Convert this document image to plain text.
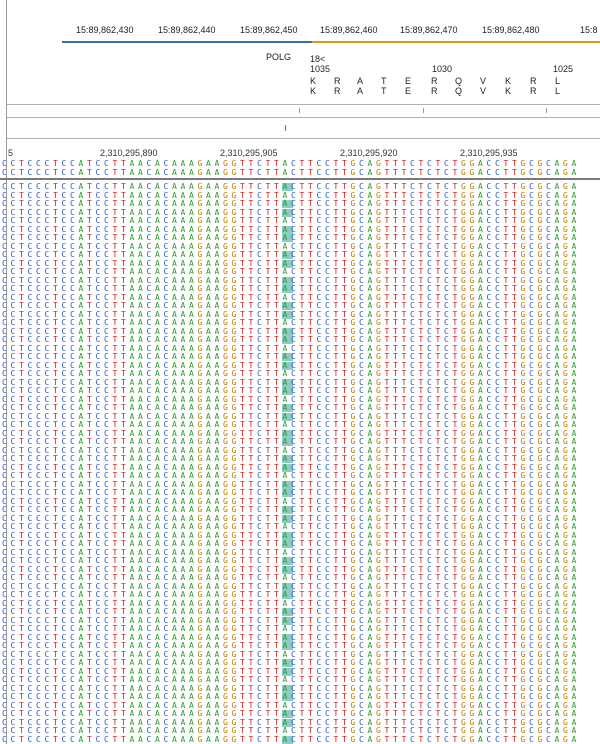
15:89,862,430	15:89,862,440	15:89,862,450 15:89,862,460 15:89,862,470	15:89,862,480	15:8
POLG 18<
1035	1030	1025
K R A T E R Q V K R L
K R A T E R Q V K R L
5	2,310,295,890	2,310,295,905	2,310,295,920	2,310,295,935
C C T C C C T C C A T C C T T A A C A C A A A G A A G G T T C T T A C T T C C T T G C A G T T T C T C T C T G G A C C T T G C G C A G A
C C T C C C T C C A T C C T T A A C A C A A A G A A G G T T C T T A C T T C C T T G C A G T T T C T C T C T G G A C C T T G C G C A G A
C C T C C C T C C A T C C T T A A C A C A A A G A A G G T T C T T A C T T C C T T G C A G T T T C T C T C T G G A C C T T G C G C A G A
C C T C C C T C C A T C C T T A A C A C A A A G A A G G T T C T T A C T T C C T T G C A G T T T C T C T C T G G A C C T T G C G C A G A
C C T C C C T C C A T C C T T A A C A C A A A G A A G G T T C T T A C T T C C T T G C A G T T T C T C T C T G G A C C T T G C G C A G A
C C T C C C T C C A T C C T T A A C A C A A A G A A G G T T C T T A C T T C C T T G C A G T T T C T C T C T G G A C C T T G C G C A G A
C C T C C C T C C A T C C T T A A C A C A A A G A A G G T T C T T A C T T C C T T G C A G T T T C T C T C T G G A C C T T G C G C A G A
C C T C C C T C C A T C C T T A A C A C A A A G A A G G T T C T T A C T T C C T T G C A G T T T C T C T C T G G A C C T T G C G C A G A
C C T C C C T C C A T C C T T A A C A C A A A G A A G G T T C T T A C T T C C T T G C A G T T T C T C T C T G G A C C T T G C G C A G A
C C T C C C T C C A T C C T T A A C A C A A A G A A G G T T C T T A C T T C C T T G C A G T T T C T C T C T G G A C C T T G C G C A G A
C C T C C C T C C A T C C T T A A C A C A A A G A A G G T T C T T A C T T C C T T G C A G T T T C T C T C T G G A C C T T G C G C A G A
C C T C C C T C C A T C C T T A A C A C A A A G A A G G T T C T T A C T T C C T T G C A G T T T C T C T C T G G A C C T T G C G C A G A
C C T C C C T C C A T C C T T A A C A C A A A G A A G G T T C T T A C T T C C T T G C A G T T T C T C T C T G G A C C T T G C G C A G A
C C T C C C T C C A T C C T T A A C A C A A A G A A G G T T C T T A C T T C C T T G C A G T T T C T C T C T G G A C C T T G C G C A G A
C C T C C C T C C A T C C T T A A C A C A A A G A A G G T T C T T A C T T C C T T G C A G T T T C T C T C T G G A C C T T G C G C A G A
C C T C C C T C C A T C C T T A A C A C A A A G A A G G T T C T T A C T T C C T T G C A G T T T C T C T C T G G A C C T T G C G C A G A
C C T C C C T C C A T C C T T A A C A C A A A G A A G G T T C T T A C T T C C T T G C A G T T T C T C T C T G G A C C T T G C G C A G A
C C T C C C T C C A T C C T T A A C A C A A A G A A G G T T C T T A C T T C C T T G C A G T T T C T C T C T G G A C C T T G C G C A G A
C C T C C C T C C A T C C T T A A C A C A A A G A A G G T T C T T A C T T C C T T G C A G T T T C T C T C T G G A C C T T G C G C A G A
C C T C C C T C C A T C C T T A A C A C A A A G A A G G T T C T T A C T T C C T T G C A G T T T C T C T C T G G A C C T T G C G C A G A
C C T C C C T C C A T C C T T A A C A C A A A G A A G G T T C T T A C T T C C T T G C A G T T T C T C T C T G G A C C T T G C G C A G A
C C T C C C T C C A T C C T T A A C A C A A A G A A G G T T C T T A C T T C C T T G C A G T T T C T C T C T G G A C C T T G C G C A G A
C C T C C C T C C A T C C T T A A C A C A A A G A A G G T T C T T A C T T C C T T G C A G T T T C T C T C T G G A C C T T G C G C A G A
C C T C C C T C C A T C C T T A A C A C A A A G A A G G T T C T T A C T T C C T T G C A G T T T C T C T C T G G A C C T T G C G C A G A
C C T C C C T C C A T C C T T A A C A C A A A G A A G G T T C T T A C T T C C T T G C A G T T T C T C T C T G G A C C T T G C G C A G A
C C T C C C T C C A T C C T T A A C A C A A A G A A G G T T C T T A C T T C C T T G C A G T T T C T C T C T G G A C C T T G C G C A G A
C C T C C C T C C A T C C T T A A C A C A A A G A A G G T T C T T A C T T C C T T G C A G T T T C T C T C T G G A C C T T G C G C A G A
C C T C C C T C C A T C C T T A A C A C A A A G A A G G T T C T T A C T T C C T T G C A G T T T C T C T C T G G A C C T T G C G C A G A
C C T C C C T C C A T C C T T A A C A C A A A G A A G G T T C T T A C T T C C T T G C A G T T T C T C T C T G G A C C T T G C G C A G A
C C T C C C T C C A T C C T T A A C A C A A A G A A G G T T C T T A C T T C C T T G C A G T T T C T C T C T G G A C C T T G C G C A G A
C C T C C C T C C A T C C T T A A C A C A A A G A A G G T T C T T A C T T C C T T G C A G T T T C T C T C T G G A C C T T G C G C A G A
C C T C C C T C C A T C C T T A A C A C A A A G A A G G T T C T T A C T T C C T T G C A G T T T C T C T C T G G A C C T T G C G C A G A
C C T C C C T C C A T C C T T A A C A C A A A G A A G G T T C T T A C T T C C T T G C A G T T T C T C T C T G G A C C T T G C G C A G A
C C T C C C T C C A T C C T T A A C A C A A A G A A G G T T C T T A C T T C C T T G C A G T T T C T C T C T G G A C C T T G C G C A G A
C C T C C C T C C A T C C T T A A C A C A A A G A A G G T T C T T A C T T C C T T G C A G T T T C T C T C T G G A C C T T G C G C A G A
C C T C C C T C C A T C C T T A A C A C A A A G A A G G T T C T T A C T T C C T T G C A G T T T C T C T C T G G A C C T T G C G C A G A
C C T C C C T C C A T C C T T A A C A C A A A G A A G G T T C T T A C T T C C T T G C A G T T T C T C T C T G G A C C T T G C G C A G A
C C T C C C T C C A T C C T T A A C A C A A A G A A G G T T C T T A C T T C C T T G C A G T T T C T C T C T G G A C C T T G C G C A G A
C C T C C C T C C A T C C T T A A C A C A A A G A A G G T T C T T A C T T C C T T G C A G T T T C T C T C T G G A C C T T G C G C A G A
C C T C C C T C C A T C C T T A A C A C A A A G A A G G T T C T T A C T T C C T T G C A G T T T C T C T C T G G A C C T T G C G C A G A
C C T C C C T C C A T C C T T A A C A C A A A G A A G G T T C T T A C T T C C T T G C A G T T T C T C T C T G G A C C T T G C G C A G A
C C T C C C T C C A T C C T T A A C A C A A A G A A G G T T C T T A C T T C C T T G C A G T T T C T C T C T G G A C C T T G C G C A G A
C C T C C C T C C A T C C T T A A C A C A A A G A A G G T T C T T A C T T C C T T G C A G T T T C T C T C T G G A C C T T G C G C A G A
C C T C C C T C C A T C C T T A A C A C A A A G A A G G T T C T T A C T T C C T T G C A G T T T C T C T C T G G A C C T T G C G C A G A
C C T C C C T C C A T C C T T A A C A C A A A G A A G G T T C T T A C T T C C T T G C A G T T T C T C T C T G G A C C T T G C G C A G A
C C T C C C T C C A T C C T T A A C A C A A A G A A G G T T C T T A C T T C C T T G C A G T T T C T C T C T G G A C C T T G C G C A G A
C C T C C C T C C A T C C T T A A C A C A A A G A A G G T T C T T A C T T C C T T G C A G T T T C T C T C T G G A C C T T G C G C A G A
C C T C C C T C C A T C C T T A A C A C A A A G A A G G T T C T T A C T T C C T T G C A G T T T C T C T C T G G A C C T T G C G C A G A
C C T C C C T C C A T C C T T A A C A C A A A G A A G G T T C T T A C T T C C T T G C A G T T T C T C T C T G G A C C T T G C G C A G A
C C T C C C T C C A T C C T T A A C A C A A A G A A G G T T C T T A C T T C C T T G C A G T T T C T C T C T G G A C C T T G C G C A G A
C C T C C C T C C A T C C T T A A C A C A A A G A A G G T T C T T A C T T C C T T G C A G T T T C T C T C T G G A C C T T G C G C A G A
C C T C C C T C C A T C C T T A A C A C A A A G A A G G T T C T T A C T T C C T T G C A G T T T C T C T C T G G A C C T T G C G C A G A
C C T C C C T C C A T C C T T A A C A C A A A G A A G G T T C T T A C T T C C T T G C A G T T T C T C T C T G G A C C T T G C G C A G A
C C T C C C T C C A T C C T T A A C A C A A A G A A G G T T C T T A C T T C C T T G C A G T T T C T C T C T G G A C C T T G C G C A G A
C C T C C C T C C A T C C T T A A C A C A A A G A A G G T T C T T A C T T C C T T G C A G T T T C T C T C T G G A C C T T G C G C A G A
C C T C C C T C C A T C C T T A A C A C A A A G A A G G T T C T T A C T T C C T T G C A G T T T C T C T C T G G A C C T T G C G C A G A
C C T C C C T C C A T C C T T A A C A C A A A G A A G G T T C T T A C T T C C T T G C A G T T T C T C T C T G G A C C T T G C G C A G A
C C T C C C T C C A T C C T T A A C A C A A A G A A G G T T C T T A C T T C C T T G C A G T T T C T C T C T G G A C C T T G C G C A G A
C C T C C C T C C A T C C T T A A C A C A A A G A A G G T T C T T A C T T C C T T G C A G T T T C T C T C T G G A C C T T G C G C A G A
C C T C C C T C C A T C C T T A A C A C A A A G A A G G T T C T T A C T T C C T T G C A G T T T C T C T C T G G A C C T T G C G C A G A
C C T C C C T C C A T C C T T A A C A C A A A G A A G G T T C T T A C T T C C T T G C A G T T T C T C T C T G G A C C T T G C G C A G A
C C T C C C T C C A T C C T T A A C A C A A A G A A G G T T C T T A C T T C C T T G C A G T T T C T C T C T G G A C C T T G C G C A G A
C C T C C C T C C A T C C T T A A C A C A A A G A A G G T T C T T A C T T C C T T G C A G T T T C T C T C T G G A C C T T G C G C A G A
C C T C C C T C C A T C C T T A A C A C A A A G A A G G T T C T T A C T T C C T T G C A G T T T C T C T C T G G A C C T T G C G C A G A
C C T C C C T C C A T C C T T A A C A C A A A G A A G G T T C T T A C T T C C T T G C A G T T T C T C T C T G G A C C T T G C G C A G A
C C T C C C T C C A T C C T T A A C A C A A A G A A G G T T C T T A C T T C C T T G C A G T T T C T C T C T G G A C C T T G C G C A G A
C C T C C C T C C A T C C T T A A C A C A A A G A A G G T T C T T A C T T C C T T G C A G T T T C T C T C T G G A C C T T G C G C A G A
C C T C C C T C C A T C C T T A A C A C A A A G A A G G T T C T T A C T T C C T T G C A G T T T C T C T C T G G A C C T T G C G C A G A
